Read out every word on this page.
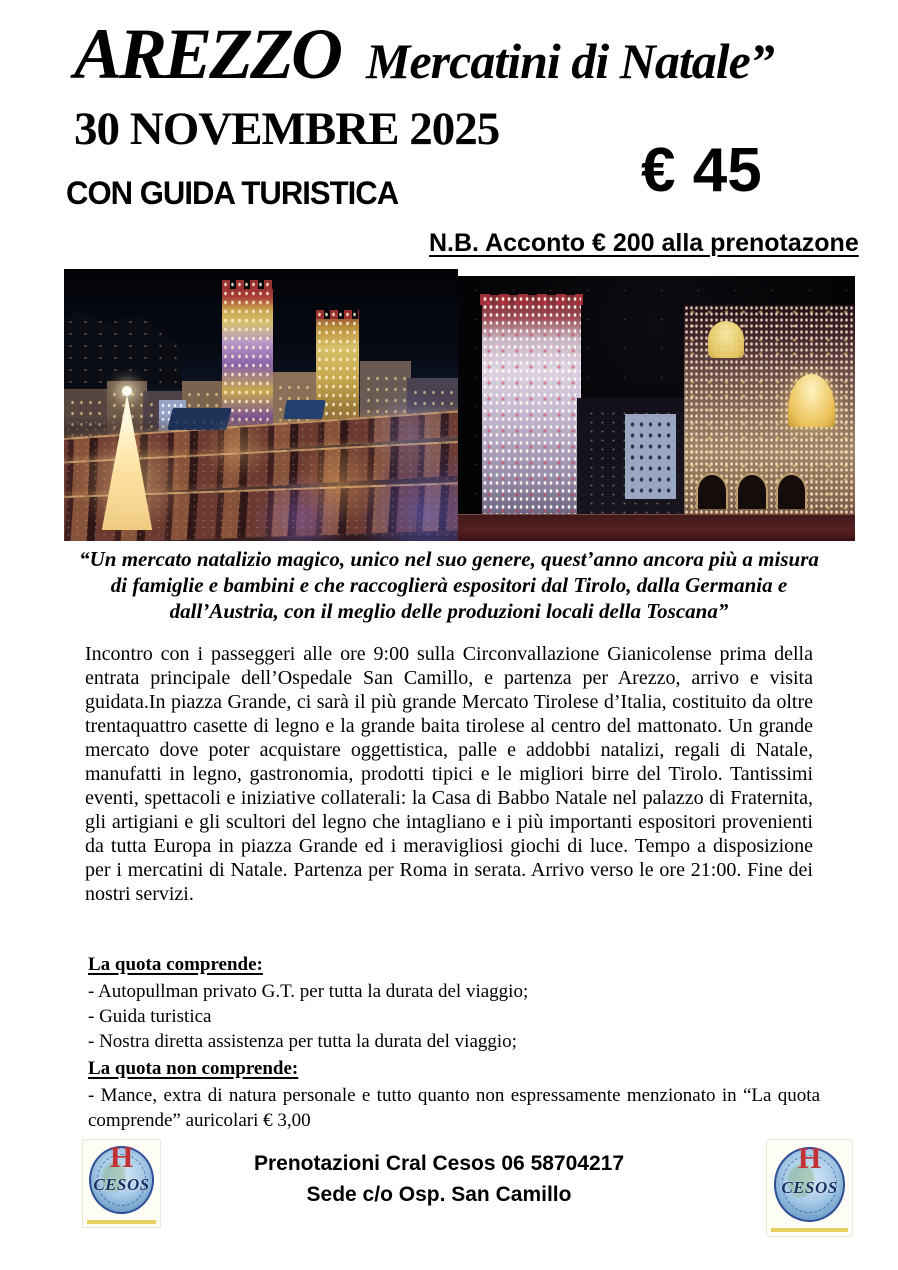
AREZZO Mercatini di Natale”
30 NOVEMBRE 2025
€ 45
CON GUIDA TURISTICA
N.B. Acconto € 200 alla prenotazone
“Un mercato natalizio magico, unico nel suo genere, quest’anno ancora più a misura di famiglie e bambini e che raccoglierà espositori dal Tirolo, dalla Germania e dall’Austria, con il meglio delle produzioni locali della Toscana”
Incontro con i passeggeri alle ore 9:00 sulla Circonvallazione Gianicolense prima della entrata principale dell’Ospedale San Camillo, e partenza per Arezzo, arrivo e visita guidata.In piazza Grande, ci sarà il più grande Mercato Tirolese d’Italia, costituito da oltre trentaquattro casette di legno e la grande baita tirolese al centro del mattonato. Un grande mercato dove poter acquistare oggettistica, palle e addobbi natalizi, regali di Natale, manufatti in legno, gastronomia, prodotti tipici e le migliori birre del Tirolo. Tantissimi eventi, spettacoli e iniziative collaterali: la Casa di Babbo Natale nel palazzo di Fraternita, gli artigiani e gli scultori del legno che intagliano e i più importanti espositori provenienti da tutta Europa in piazza Grande ed i meravigliosi giochi di luce. Tempo a disposizione per i mercatini di Natale. Partenza per Roma in serata. Arrivo verso le ore 21:00. Fine dei nostri servizi.
La quota comprende:
- Autopullman privato G.T. per tutta la durata del viaggio;
- Guida turistica
- Nostra diretta assistenza per tutta la durata del viaggio;
La quota non comprende:
- Mance, extra di natura personale e tutto quanto non espressamente menzionato in “La quota comprende” auricolari € 3,00
H
CESOS
Prenotazioni Cral Cesos 06 58704217
Sede c/o Osp. San Camillo
H
CESOS
